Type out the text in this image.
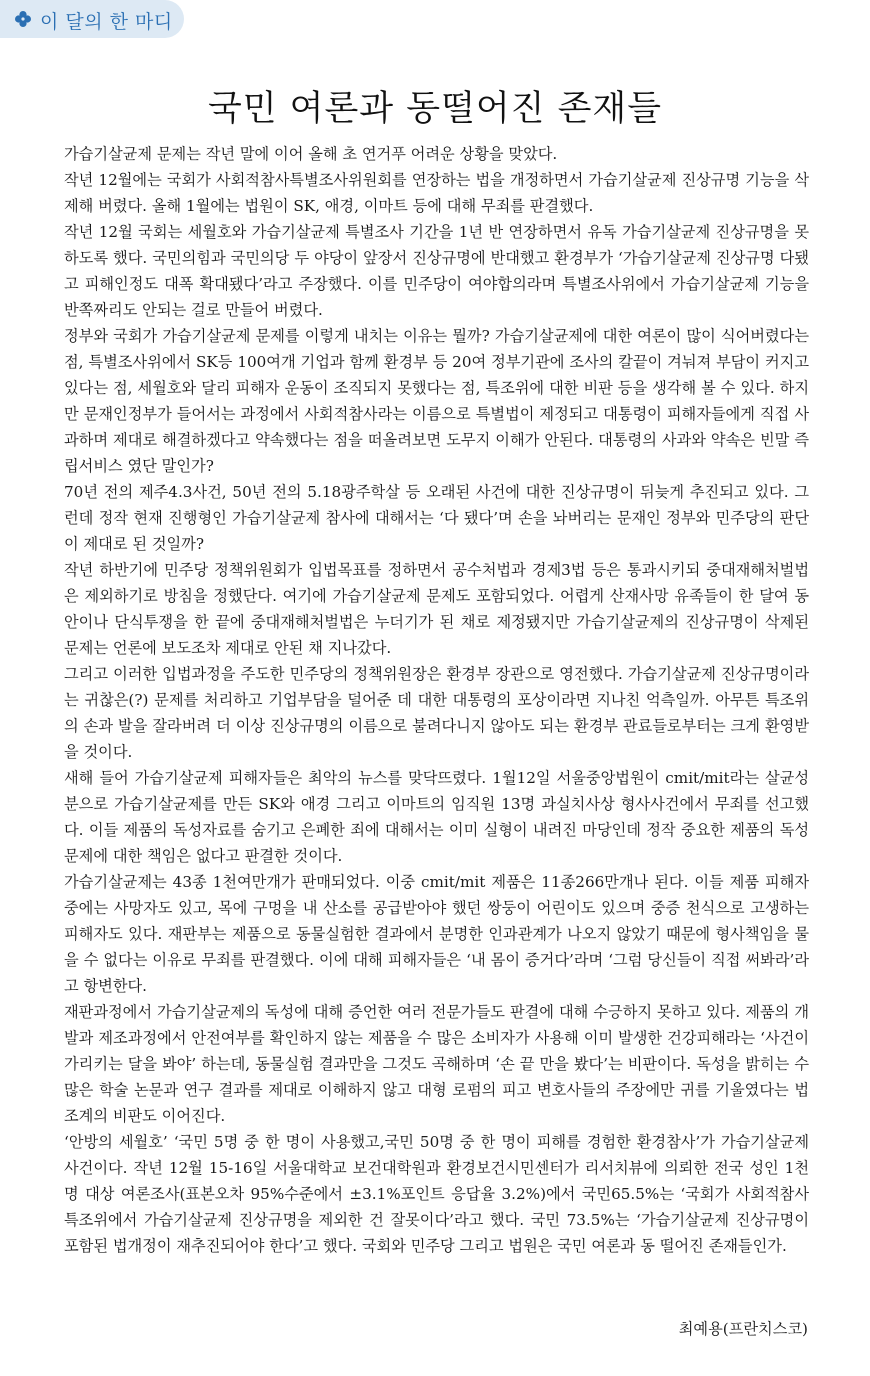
이 달의 한 마디
국민 여론과 동떨어진 존재들

가습기살균제 문제는 작년 말에 이어 올해 초 연거푸 어려운 상황을 맞았다.

작년 12월에는 국회가 사회적참사특별조사위원회를 연장하는 법을 개정하면서 가습기살균제 진상규명 기능을 삭제해 버렸다. 올해 1월에는 법원이 SK, 애경, 이마트 등에 대해 무죄를 판결했다.

작년 12월 국회는 세월호와 가습기살균제 특별조사 기간을 1년 반 연장하면서 유독 가습기살균제 진상규명을 못하도록 했다. 국민의힘과 국민의당 두 야당이 앞장서 진상규명에 반대했고 환경부가 ‘가습기살균제 진상규명 다됐고 피해인정도 대폭 확대됐다’라고 주장했다. 이를 민주당이 여야합의라며 특별조사위에서 가습기살균제 기능을 반쪽짜리도 안되는 걸로 만들어 버렸다.

정부와 국회가 가습기살균제 문제를 이렇게 내치는 이유는 뭘까? 가습기살균제에 대한 여론이 많이 식어버렸다는 점, 특별조사위에서 SK등 100여개 기업과 함께 환경부 등 20여 정부기관에 조사의 칼끝이 겨눠져 부담이 커지고 있다는 점, 세월호와 달리 피해자 운동이 조직되지 못했다는 점, 특조위에 대한 비판 등을 생각해 볼 수 있다. 하지만 문재인정부가 들어서는 과정에서 사회적참사라는 이름으로 특별법이 제정되고 대통령이 피해자들에게 직접 사과하며 제대로 해결하겠다고 약속했다는 점을 떠올려보면 도무지 이해가 안된다. 대통령의 사과와 약속은 빈말 즉 립서비스 였단 말인가?

70년 전의 제주4.3사건, 50년 전의 5.18광주학살 등 오래된 사건에 대한 진상규명이 뒤늦게 추진되고 있다. 그런데 정작 현재 진행형인 가습기살균제 참사에 대해서는 ‘다 됐다’며 손을 놔버리는 문재인 정부와 민주당의 판단이 제대로 된 것일까?

작년 하반기에 민주당 정책위원회가 입법목표를 정하면서 공수처법과 경제3법 등은 통과시키되 중대재해처벌법은 제외하기로 방침을 정했단다. 여기에 가습기살균제 문제도 포함되었다. 어렵게 산재사망 유족들이 한 달여 동안이나 단식투쟁을 한 끝에 중대재해처벌법은 누더기가 된 채로 제정됐지만 가습기살균제의 진상규명이 삭제된 문제는 언론에 보도조차 제대로 안된 채 지나갔다.

그리고 이러한 입법과정을 주도한 민주당의 정책위원장은 환경부 장관으로 영전했다. 가습기살균제 진상규명이라는 귀찮은(?) 문제를 처리하고 기업부담을 덜어준 데 대한 대통령의 포상이라면 지나친 억측일까. 아무튼 특조위의 손과 발을 잘라버려 더 이상 진상규명의 이름으로 불려다니지 않아도 되는 환경부 관료들로부터는 크게 환영받을 것이다.

새해 들어 가습기살균제 피해자들은 최악의 뉴스를 맞닥뜨렸다. 1월12일 서울중앙법원이 cmit/mit라는 살균성분으로 가습기살균제를 만든 SK와 애경 그리고 이마트의 임직원 13명 과실치사상 형사사건에서 무죄를 선고했다. 이들 제품의 독성자료를 숨기고 은폐한 죄에 대해서는 이미 실형이 내려진 마당인데 정작 중요한 제품의 독성문제에 대한 책임은 없다고 판결한 것이다.

가습기살균제는 43종 1천여만개가 판매되었다. 이중 cmit/mit 제품은 11종266만개나 된다. 이들 제품 피해자 중에는 사망자도 있고, 목에 구멍을 내 산소를 공급받아야 했던 쌍둥이 어린이도 있으며 중증 천식으로 고생하는 피해자도 있다. 재판부는 제품으로 동물실험한 결과에서 분명한 인과관계가 나오지 않았기 때문에 형사책임을 물을 수 없다는 이유로 무죄를 판결했다. 이에 대해 피해자들은 ‘내 몸이 증거다’라며 ‘그럼 당신들이 직접 써봐라’라고 항변한다.

재판과정에서 가습기살균제의 독성에 대해 증언한 여러 전문가들도 판결에 대해 수긍하지 못하고 있다. 제품의 개발과 제조과정에서 안전여부를 확인하지 않는 제품을 수 많은 소비자가 사용해 이미 발생한 건강피해라는 ‘사건이 가리키는 달을 봐야’ 하는데, 동물실험 결과만을 그것도 곡해하며 ‘손 끝 만을 봤다’는 비판이다. 독성을 밝히는 수많은 학술 논문과 연구 결과를 제대로 이해하지 않고 대형 로펌의 피고 변호사들의 주장에만 귀를 기울였다는 법조계의 비판도 이어진다.

‘안방의 세월호’ ‘국민 5명 중 한 명이 사용했고,국민 50명 중 한 명이 피해를 경험한 환경참사’가 가습기살균제 사건이다. 작년 12월 15-16일 서울대학교 보건대학원과 환경보건시민센터가 리서치뷰에 의뢰한 전국 성인 1천명 대상 여론조사(표본오차 95%수준에서 ±3.1%포인트 응답율 3.2%)에서 국민65.5%는 ‘국회가 사회적참사특조위에서 가습기살균제 진상규명을 제외한 건 잘못이다’라고 했다. 국민 73.5%는 ‘가습기살균제 진상규명이 포함된 법개정이 재추진되어야 한다’고 했다. 국회와 민주당 그리고 법원은 국민 여론과 동 떨어진 존재들인가.

최예용(프란치스코)
